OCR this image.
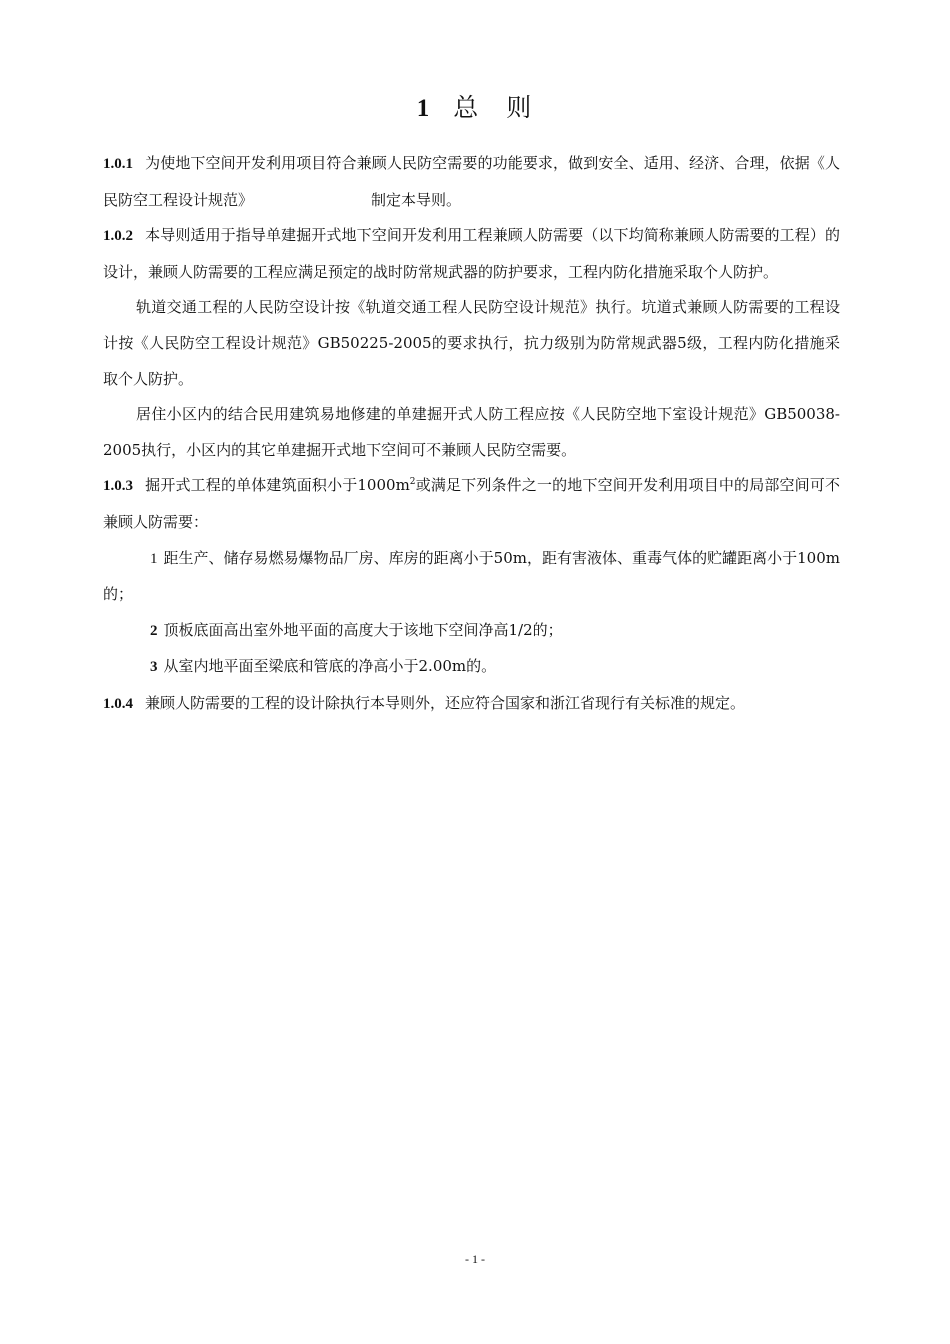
1 总 则

1.0.1 为使地下空间开发利用项目符合兼顾人民防空需要的功能要求，做到安全、适用、经济、合理，依据《人民防空工程设计规范》	制定本导则。

1.0.2 本导则适用于指导单建掘开式地下空间开发利用工程兼顾人防需要（以下均简称兼顾人防需要的工程）的设计，兼顾人防需要的工程应满足预定的战时防常规武器的防护要求，工程内防化措施采取个人防护。

轨道交通工程的人民防空设计按《轨道交通工程人民防空设计规范》执行。坑道式兼顾人防需要的工程设计按《人民防空工程设计规范》GB50225-2005的要求执行，抗力级别为防常规武器5级，工程内防化措施采取个人防护。

居住小区内的结合民用建筑易地修建的单建掘开式人防工程应按《人民防空地下室设计规范》GB50038-2005执行，小区内的其它单建掘开式地下空间可不兼顾人民防空需要。

1.0.3 掘开式工程的单体建筑面积小于$1000m^2$或满足下列条件之一的地下空间开发利用项目中的局部空间可不兼顾人防需要：

1 距生产、储存易燃易爆物品厂房、库房的距离小于50m，距有害液体、重毒气体的贮罐距离小于100m的；

2 顶板底面高出室外地平面的高度大于该地下空间净高1/2的；

3 从室内地平面至梁底和管底的净高小于2.00m的。

1.0.4 兼顾人防需要的工程的设计除执行本导则外，还应符合国家和浙江省现行有关标准的规定。

- 1 -
